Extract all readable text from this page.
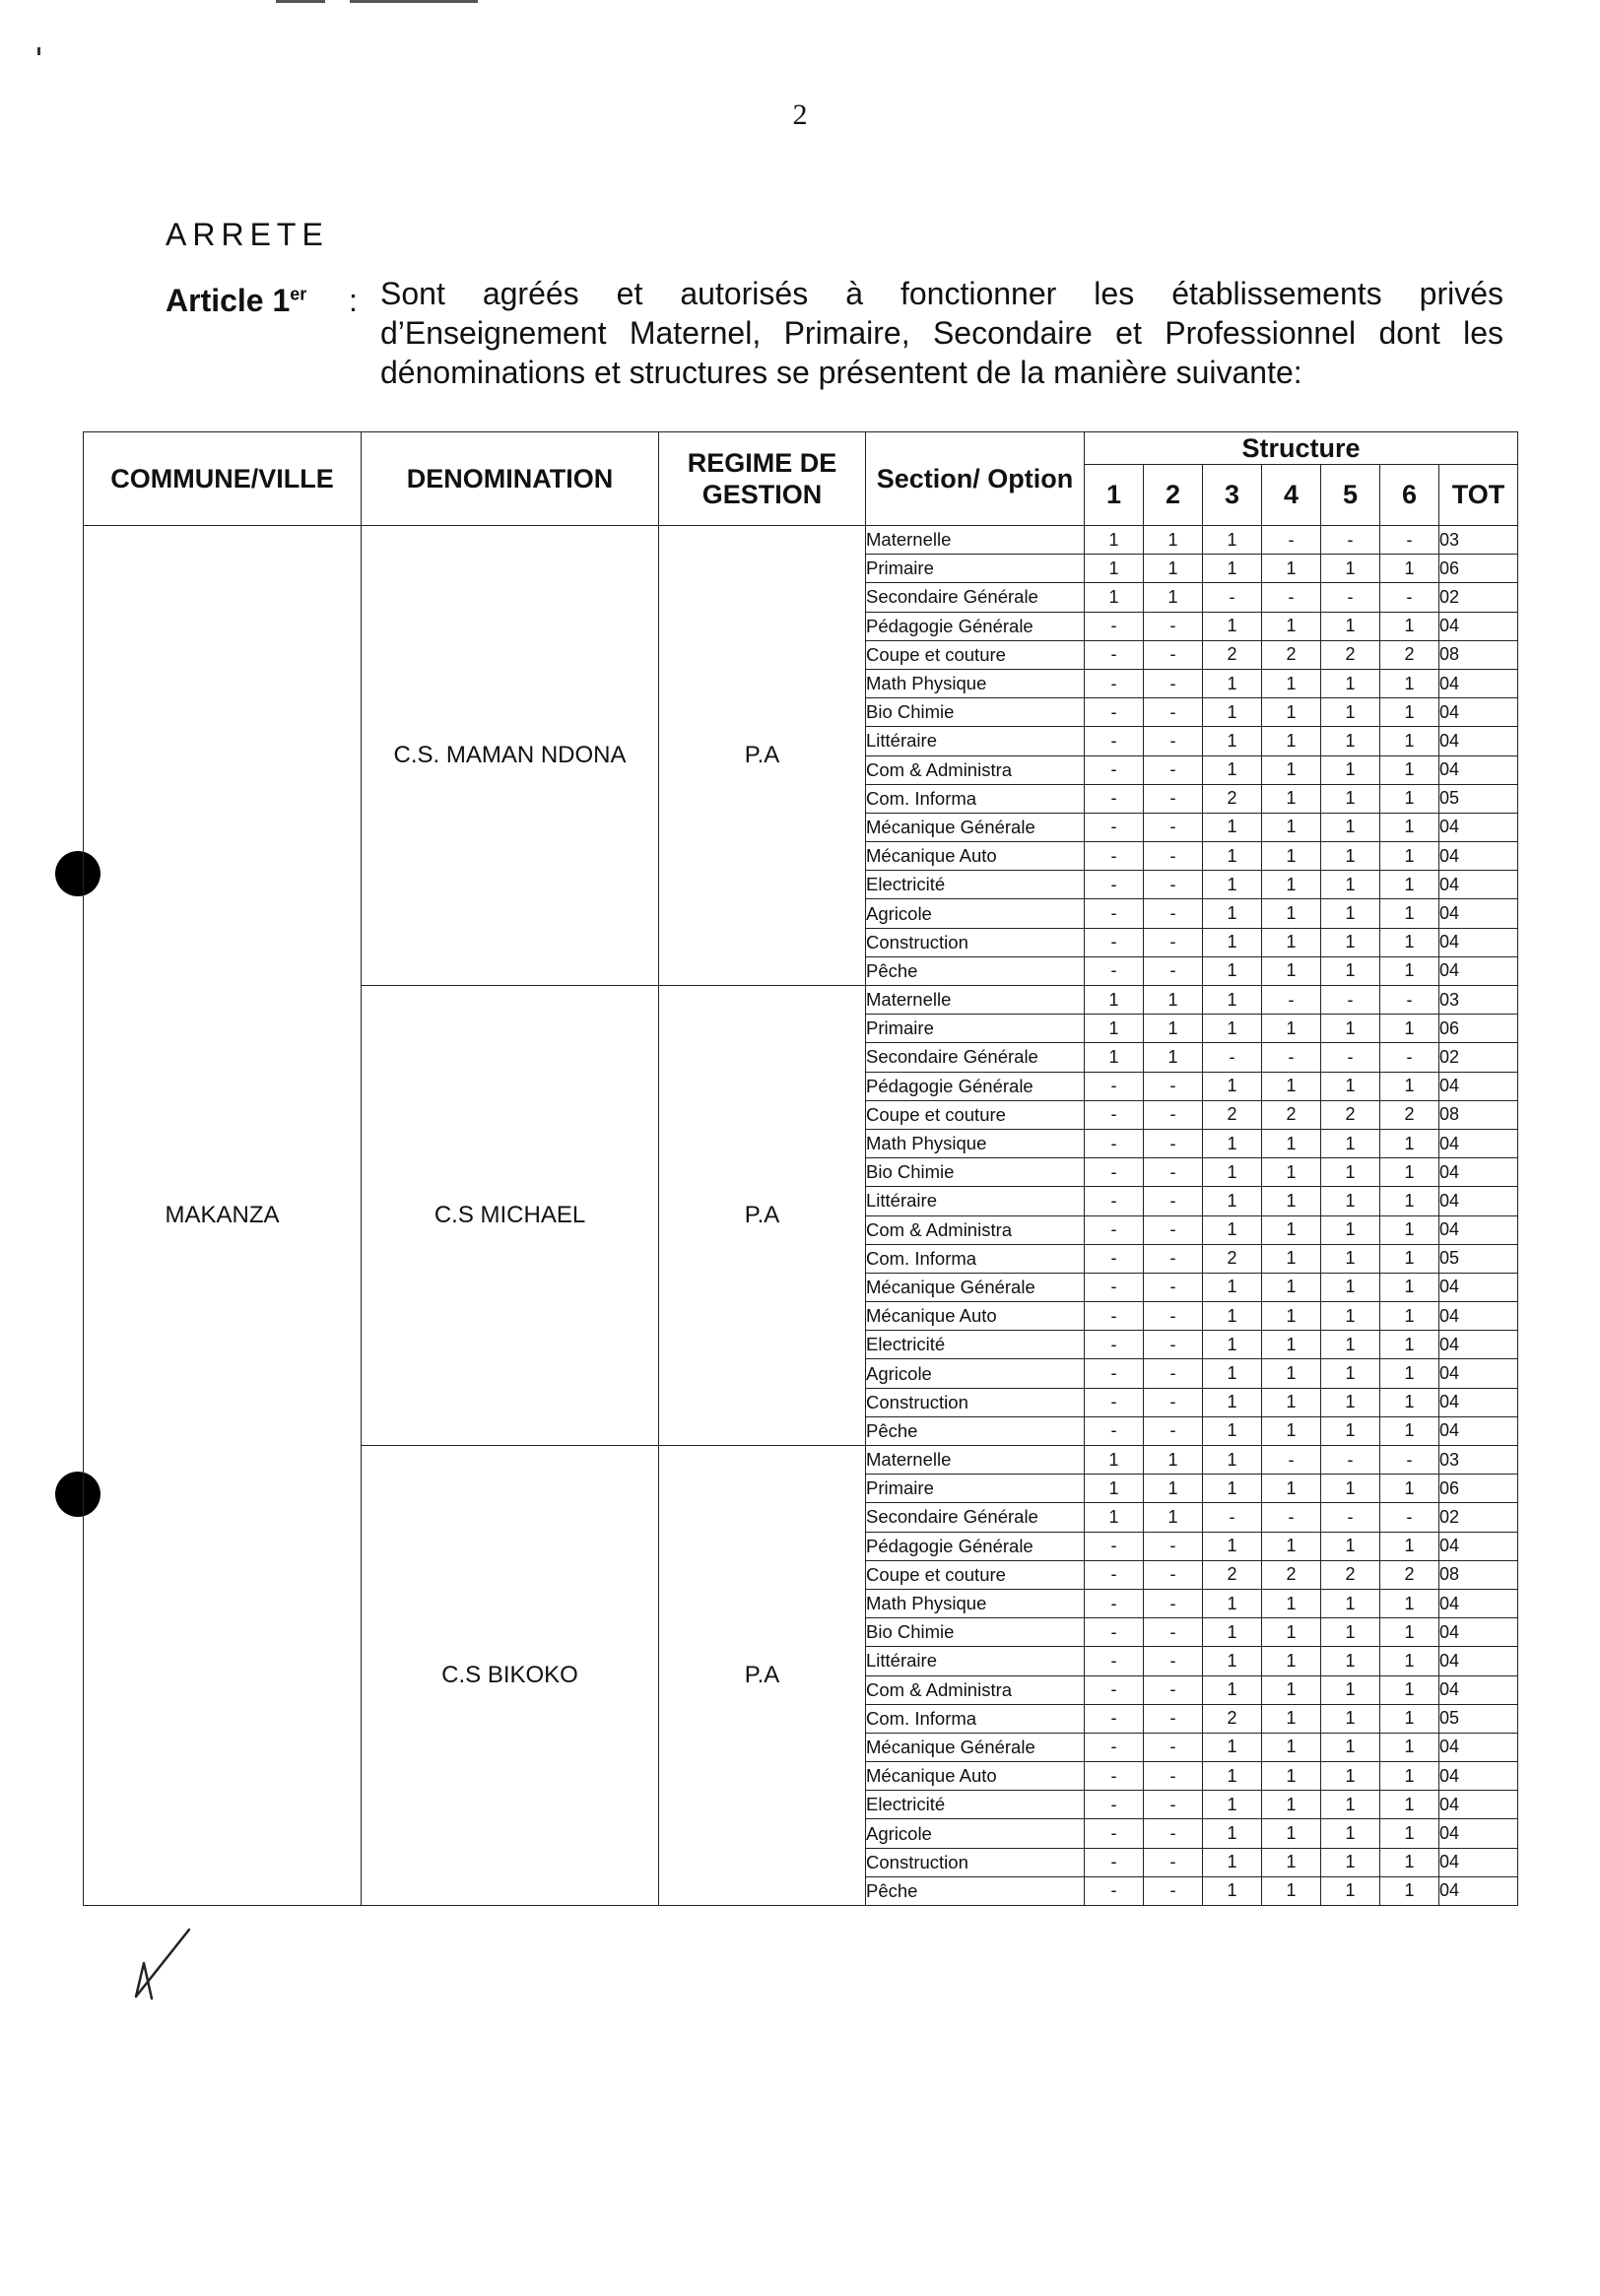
2
ARRETE
Article 1er : Sont agréés et autorisés à fonctionner les établissements privés d’Enseignement Maternel, Primaire, Secondaire et Professionnel dont les dénominations et structures se présentent de la manière suivante:
COMMUNE/VILLE	DENOMINATION	REGIME DE GESTION	Section/ Option	Structure						
				1	2	3	4	5	6	TOT
MAKANZA	C.S. MAMAN NDONA	P.A	Maternelle	1	1	1	-	-	-	03
			Primaire	1	1	1	1	1	1	06
			Secondaire Générale	1	1	-	-	-	-	02
			Pédagogie Générale	-	-	1	1	1	1	04
			Coupe et couture	-	-	2	2	2	2	08
			Math Physique	-	-	1	1	1	1	04
			Bio Chimie	-	-	1	1	1	1	04
			Littéraire	-	-	1	1	1	1	04
			Com & Administra	-	-	1	1	1	1	04
			Com. Informa	-	-	2	1	1	1	05
			Mécanique Générale	-	-	1	1	1	1	04
			Mécanique Auto	-	-	1	1	1	1	04
			Electricité	-	-	1	1	1	1	04
			Agricole	-	-	1	1	1	1	04
			Construction	-	-	1	1	1	1	04
			Pêche	-	-	1	1	1	1	04
	C.S MICHAEL	P.A	Maternelle	1	1	1	-	-	-	03
			Primaire	1	1	1	1	1	1	06
			Secondaire Générale	1	1	-	-	-	-	02
			Pédagogie Générale	-	-	1	1	1	1	04
			Coupe et couture	-	-	2	2	2	2	08
			Math Physique	-	-	1	1	1	1	04
			Bio Chimie	-	-	1	1	1	1	04
			Littéraire	-	-	1	1	1	1	04
			Com & Administra	-	-	1	1	1	1	04
			Com. Informa	-	-	2	1	1	1	05
			Mécanique Générale	-	-	1	1	1	1	04
			Mécanique Auto	-	-	1	1	1	1	04
			Electricité	-	-	1	1	1	1	04
			Agricole	-	-	1	1	1	1	04
			Construction	-	-	1	1	1	1	04
			Pêche	-	-	1	1	1	1	04
	C.S BIKOKO	P.A	Maternelle	1	1	1	-	-	-	03
			Primaire	1	1	1	1	1	1	06
			Secondaire Générale	1	1	-	-	-	-	02
			Pédagogie Générale	-	-	1	1	1	1	04
			Coupe et couture	-	-	2	2	2	2	08
			Math Physique	-	-	1	1	1	1	04
			Bio Chimie	-	-	1	1	1	1	04
			Littéraire	-	-	1	1	1	1	04
			Com & Administra	-	-	1	1	1	1	04
			Com. Informa	-	-	2	1	1	1	05
			Mécanique Générale	-	-	1	1	1	1	04
			Mécanique Auto	-	-	1	1	1	1	04
			Electricité	-	-	1	1	1	1	04
			Agricole	-	-	1	1	1	1	04
			Construction	-	-	1	1	1	1	04
			Pêche	-	-	1	1	1	1	04
